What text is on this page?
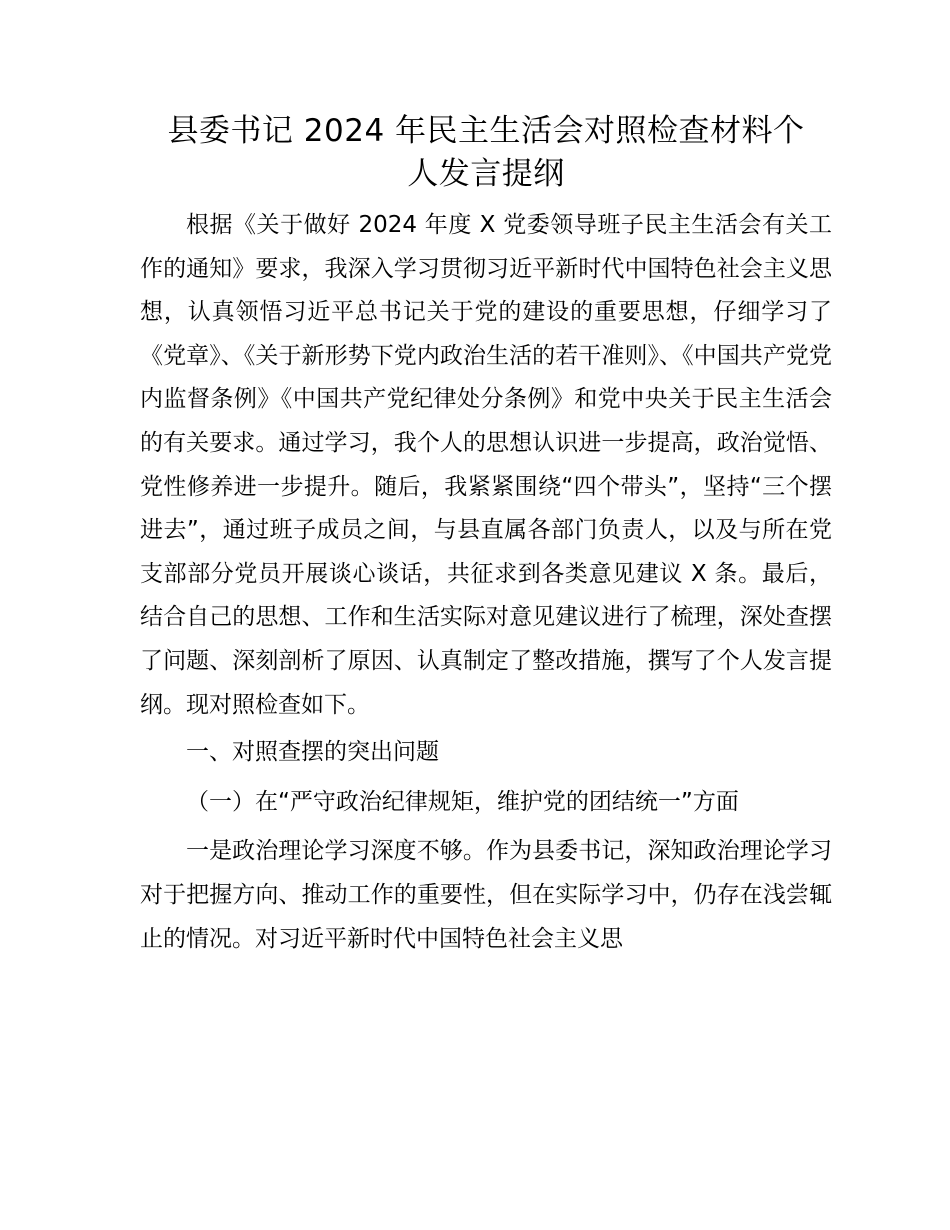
县委书记 2024 年民主生活会对照检查材料个
人发言提纲

根据《关于做好 2024 年度 X 党委领导班子民主生活会有关工作的通知》要求，我深入学习贯彻习近平新时代中国特色社会主义思想，认真领悟习近平总书记关于党的建设的重要思想，仔细学习了《党章》、《关于新形势下党内政治生活的若干准则》、《中国共产党党内监督条例》《中国共产党纪律处分条例》和党中央关于民主生活会的有关要求。通过学习，我个人的思想认识进一步提高，政治觉悟、党性修养进一步提升。随后，我紧紧围绕“四个带头”，坚持“三个摆进去”，通过班子成员之间，与县直属各部门负责人，以及与所在党支部部分党员开展谈心谈话，共征求到各类意见建议 X 条。最后，结合自己的思想、工作和生活实际对意见建议进行了梳理，深处查摆了问题、深刻剖析了原因、认真制定了整改措施，撰写了个人发言提纲。现对照检查如下。

一、对照查摆的突出问题

（一）在“严守政治纪律规矩，维护党的团结统一”方面

一是政治理论学习深度不够。作为县委书记，深知政治理论学习对于把握方向、推动工作的重要性，但在实际学习中，仍存在浅尝辄止的情况。对习近平新时代中国特色社会主义思
